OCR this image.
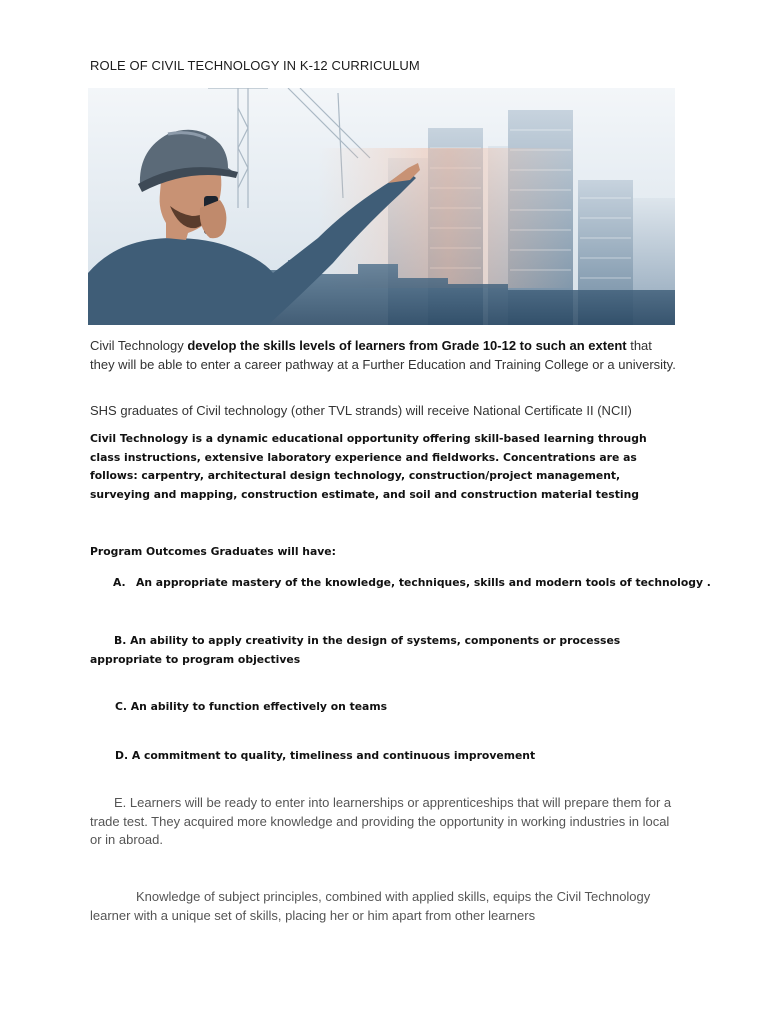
ROLE OF CIVIL TECHNOLOGY IN K-12 CURRICULUM
Civil Technology develop the skills levels of learners from Grade 10-12 to such an extent that they will be able to enter a career pathway at a Further Education and Training College or a university.
SHS graduates of Civil technology (other TVL strands) will receive National Certificate II (NCII)
Civil Technology is a dynamic educational opportunity offering skill-based learning through class instructions, extensive laboratory experience and fieldworks. Concentrations are as follows: carpentry, architectural design technology, construction/project management, surveying and mapping, construction estimate, and soil and construction material testing
Program Outcomes Graduates will have:
A. An appropriate mastery of the knowledge, techniques, skills and modern tools of technology .
B. An ability to apply creativity in the design of systems, components or processes appropriate to program objectives
C. An ability to function effectively on teams
D. A commitment to quality, timeliness and continuous improvement
E. Learners will be ready to enter into learnerships or apprenticeships that will prepare them for a trade test. They acquired more knowledge and providing the opportunity in working industries in local or in abroad.
Knowledge of subject principles, combined with applied skills, equips the Civil Technology learner with a unique set of skills, placing her or him apart from other learners
